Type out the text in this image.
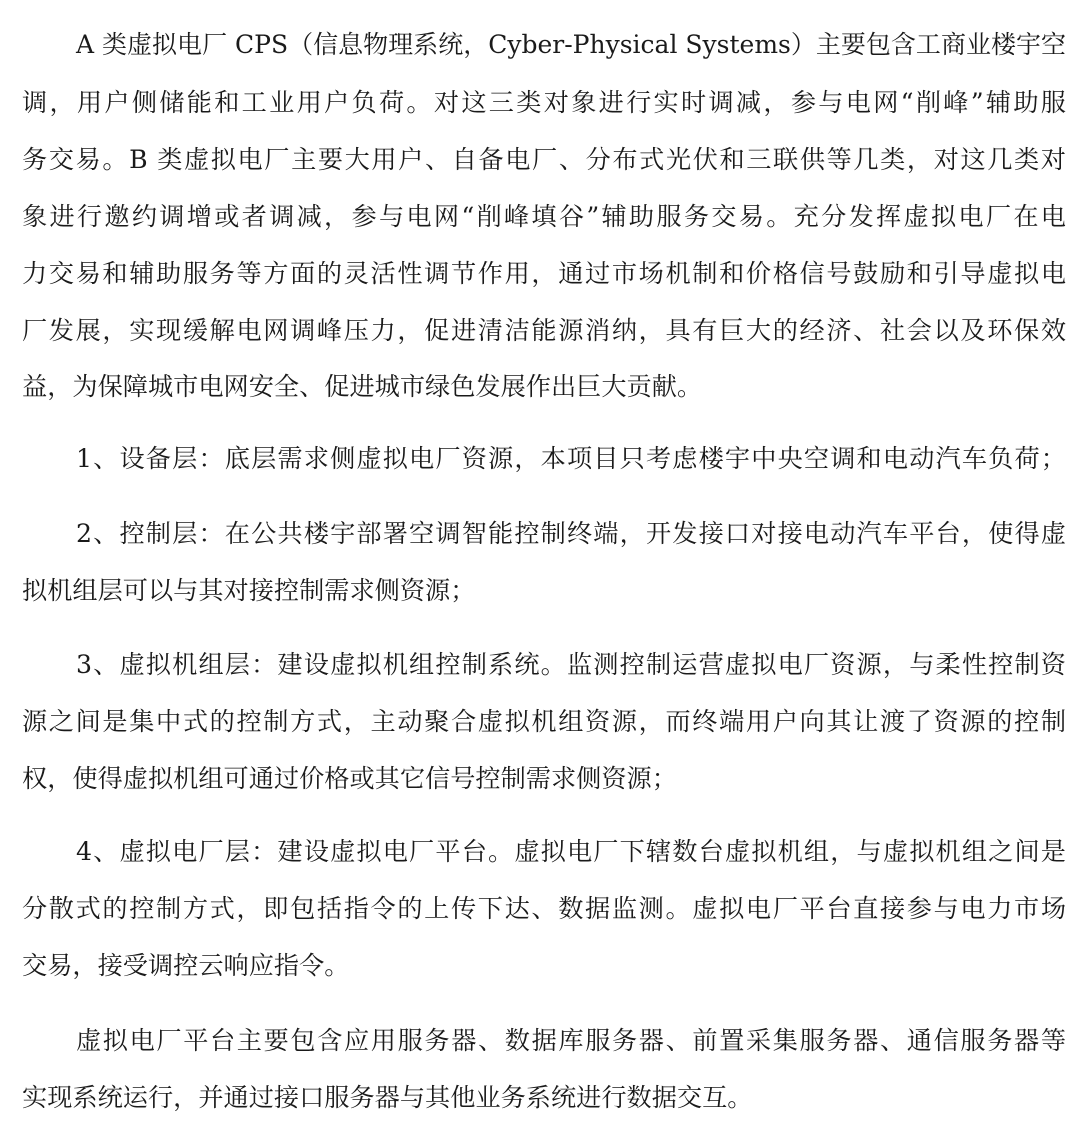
A 类虚拟电厂 CPS（信息物理系统，Cyber-Physical Systems）主要包含工商业楼宇空
调，用户侧储能和工业用户负荷。对这三类对象进行实时调减，参与电网“削峰”辅助服
务交易。B 类虚拟电厂主要大用户、自备电厂、分布式光伏和三联供等几类，对这几类对
象进行邀约调增或者调减，参与电网“削峰填谷”辅助服务交易。充分发挥虚拟电厂在电
力交易和辅助服务等方面的灵活性调节作用，通过市场机制和价格信号鼓励和引导虚拟电
厂发展，实现缓解电网调峰压力，促进清洁能源消纳，具有巨大的经济、社会以及环保效
益，为保障城市电网安全、促进城市绿色发展作出巨大贡献。
1、设备层：底层需求侧虚拟电厂资源，本项目只考虑楼宇中央空调和电动汽车负荷；
2、控制层：在公共楼宇部署空调智能控制终端，开发接口对接电动汽车平台，使得虚
拟机组层可以与其对接控制需求侧资源；
3、虚拟机组层：建设虚拟机组控制系统。监测控制运营虚拟电厂资源，与柔性控制资
源之间是集中式的控制方式，主动聚合虚拟机组资源，而终端用户向其让渡了资源的控制
权，使得虚拟机组可通过价格或其它信号控制需求侧资源；
4、虚拟电厂层：建设虚拟电厂平台。虚拟电厂下辖数台虚拟机组，与虚拟机组之间是
分散式的控制方式，即包括指令的上传下达、数据监测。虚拟电厂平台直接参与电力市场
交易，接受调控云响应指令。
虚拟电厂平台主要包含应用服务器、数据库服务器、前置采集服务器、通信服务器等
实现系统运行，并通过接口服务器与其他业务系统进行数据交互。
